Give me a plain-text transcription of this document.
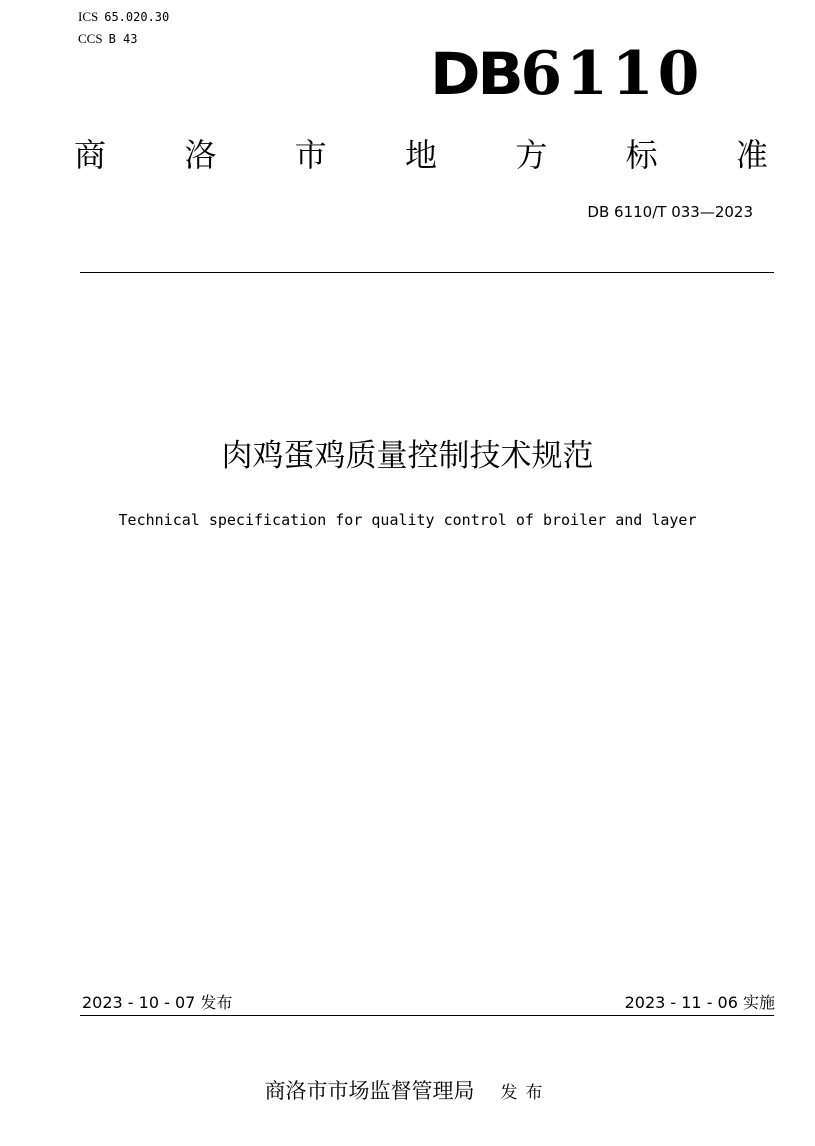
ICS 65.020.30
CCS B 43
DB 6110
商 洛 市 地 方 标 准
DB 6110/T 033—2023
肉鸡蛋鸡质量控制技术规范
Technical specification for quality control of broiler and layer
2023 - 10 - 07 发布	2023 - 11 - 06 实施
商洛市市场监督管理局 发布
